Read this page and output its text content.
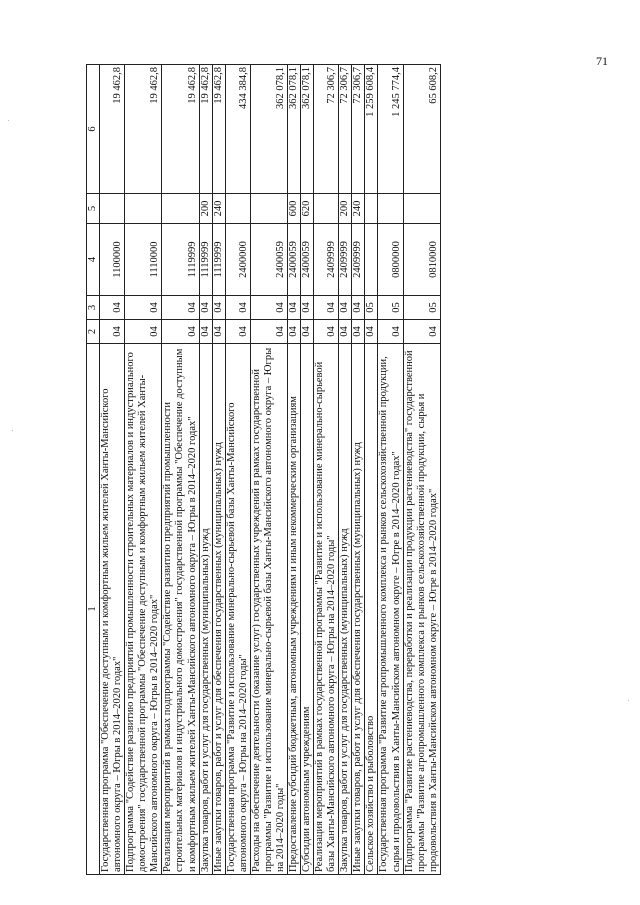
71
1	2	3	4	5	6
Государственная программа "Обеспечение доступным и комфортным жильем жителей Ханты-Мансийского автономного округа – Югры в 2014–2020 годах"	04	04	1100000		19 462,8
Подпрограмма "Содействие развитию предприятий промышленности строительных материалов и индустриального домостроения" государственной программы "Обеспечение доступным и комфортным жильем жителей Ханты-Мансийского автономного округа – Югры в 2014–2020 годах"	04	04	1110000		19 462,8
Реализация мероприятий в рамках подпрограммы "Содействие развитию предприятий промышленности строительных материалов и индустриального домостроения" государственной программы "Обеспечение доступным и комфортным жильем жителей Ханты-Мансийского автономного округа – Югры в 2014–2020 годах"	04	04	1119999		19 462,8
Закупка товаров, работ и услуг для государственных (муниципальных) нужд	04	04	1119999	200	19 462,8
Иные закупки товаров, работ и услуг для обеспечения государственных (муниципальных) нужд	04	04	1119999	240	19 462,8
Государственная программа "Развитие и использование минерально-сырьевой базы Ханты-Мансийского автономного округа – Югры на 2014–2020 годы"	04	04	2400000		434 384,8
Расходы на обеспечение деятельности (оказание услуг) государственных учреждений в рамках государственной программы "Развитие и использование минерально-сырьевой базы Ханты-Мансийского автономного округа – Югры на 2014–2020 годы"	04	04	2400059		362 078,1
Предоставление субсидий бюджетным, автономным учреждениям и иным некоммерческим организациям	04	04	2400059	600	362 078,1
Субсидии автономным учреждениям	04	04	2400059	620	362 078,1
Реализация мероприятий в рамках государственной программы "Развитие и использование минерально-сырьевой базы Ханты-Мансийского автономного округа – Югры на 2014–2020 годы"	04	04	2409999		72 306,7
Закупка товаров, работ и услуг для государственных (муниципальных) нужд	04	04	2409999	200	72 306,7
Иные закупки товаров, работ и услуг для обеспечения государственных (муниципальных) нужд	04	04	2409999	240	72 306,7
Сельское хозяйство и рыболовство	04	05			1 259 608,4
Государственная программа "Развитие агропромышленного комплекса и рынков сельскохозяйственной продукции, сырья и продовольствия в Ханты-Мансийском автономном округе – Югре в 2014–2020 годах"	04	05	0800000		1 245 774,4
Подпрограмма "Развитие растениеводства, переработки и реализации продукции растениеводства" государственной программы "Развитие агропромышленного комплекса и рынков сельскохозяйственной продукции, сырья и продовольствия в Ханты-Мансийском автономном округе – Югре в 2014–2020 годах"	04	05	0810000		65 608,2
